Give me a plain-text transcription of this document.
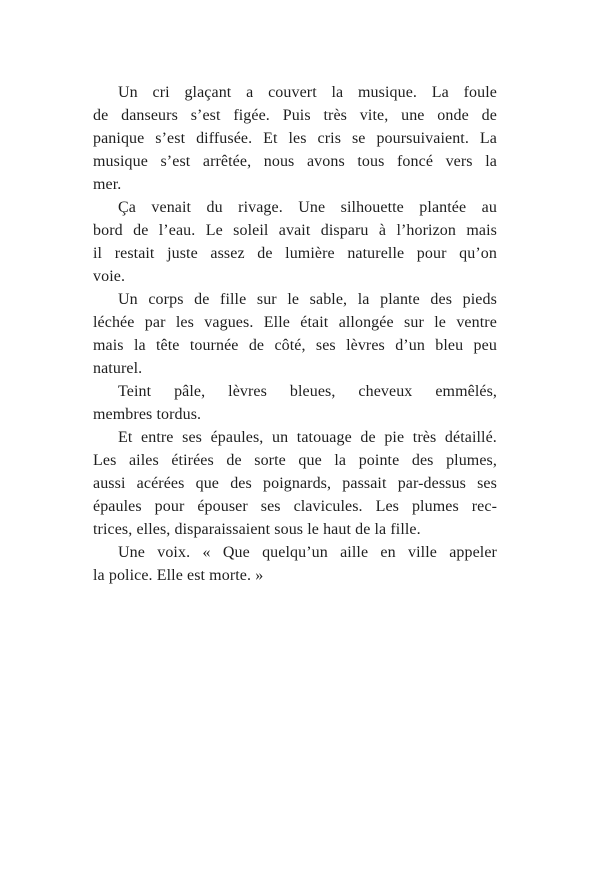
Un cri glaçant a couvert la musique. La foule
de danseurs s’est figée. Puis très vite, une onde de
panique s’est diffusée. Et les cris se poursuivaient. La
musique s’est arrêtée, nous avons tous foncé vers la
mer.
Ça venait du rivage. Une silhouette plantée au
bord de l’eau. Le soleil avait disparu à l’horizon mais
il restait juste assez de lumière naturelle pour qu’on
voie.
Un corps de fille sur le sable, la plante des pieds
léchée par les vagues. Elle était allongée sur le ventre
mais la tête tournée de côté, ses lèvres d’un bleu peu
naturel.
Teint pâle, lèvres bleues, cheveux emmêlés,
membres tordus.
Et entre ses épaules, un tatouage de pie très détaillé.
Les ailes étirées de sorte que la pointe des plumes,
aussi acérées que des poignards, passait par-dessus ses
épaules pour épouser ses clavicules. Les plumes rec-
trices, elles, disparaissaient sous le haut de la fille.
Une voix. « Que quelqu’un aille en ville appeler
la police. Elle est morte. »
